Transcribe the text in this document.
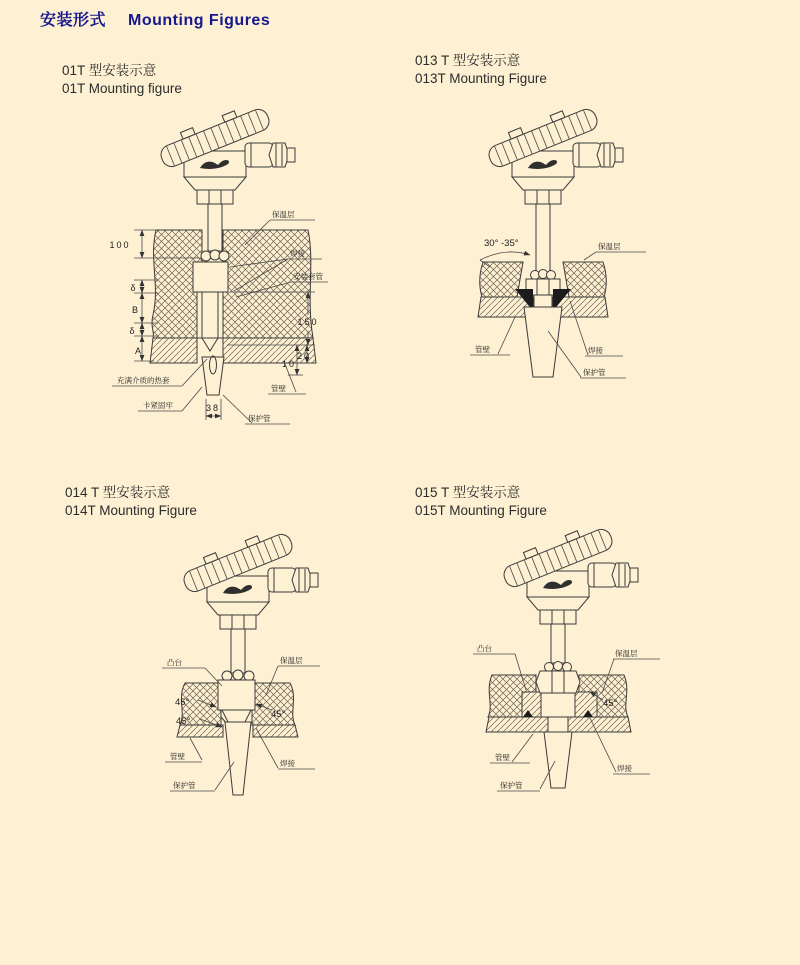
安装形式 Mounting Figures
01T 型安装示意
01T Mounting figure
100
δ
B
δ
A
150
10
20
38
保温层
焊接
安装套管
管壁
保护管
充满介质的热套
卡紧固牢
013 T 型安装示意
013T Mounting Figure
30° -35°	保温层
管壁	焊接
保护管
014 T 型安装示意
014T Mounting Figure
45°
45°
45°
凸台	保温层
管壁
保护管
焊接
015 T 型安装示意
015T Mounting Figure
45°
凸台
保温层
管壁
保护管
焊接
